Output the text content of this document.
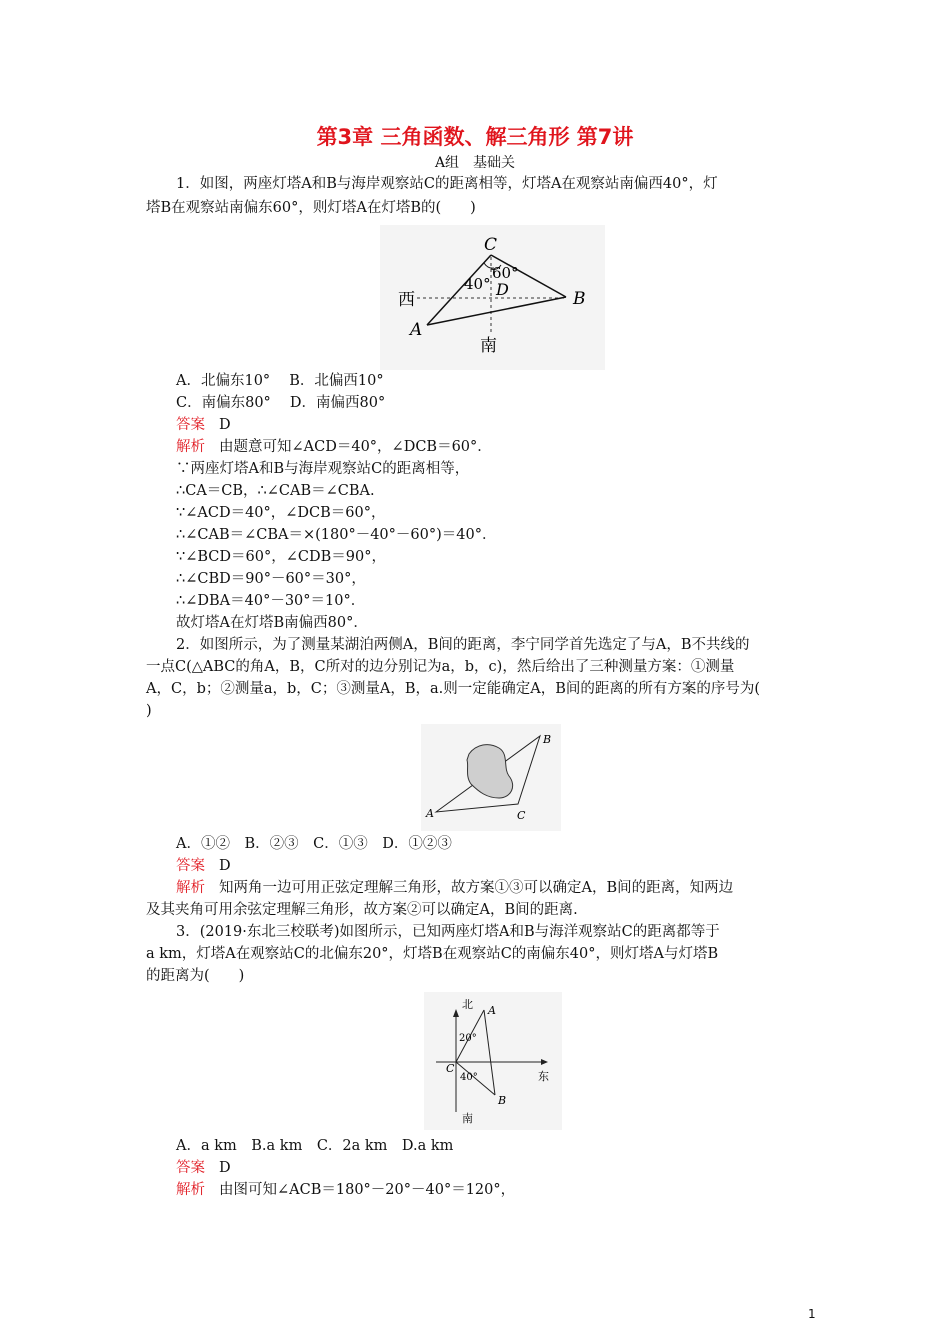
第3章 三角函数、解三角形 第7讲
A组　基础关
1．如图，两座灯塔A和B与海岸观察站C的距离相等，灯塔A在观察站南偏西40°，灯
塔B在观察站南偏东60°，则灯塔A在灯塔B的(　　)
C
B
A
D
60°
40°
西
南
A．北偏东10°　 B．北偏西10°
C．南偏东80°　 D．南偏西80°
答案 D
解析 由题意可知∠ACD＝40°，∠DCB＝60°．
∵两座灯塔A和B与海岸观察站C的距离相等，
∴CA＝CB，∴∠CAB＝∠CBA.
∵∠ACD＝40°，∠DCB＝60°，
∴∠CAB＝∠CBA＝×(180°－40°－60°)＝40°．
∵∠BCD＝60°，∠CDB＝90°，
∴∠CBD＝90°－60°＝30°，
∴∠DBA＝40°－30°＝10°．
故灯塔A在灯塔B南偏西80°．
2．如图所示，为了测量某湖泊两侧A，B间的距离，李宁同学首先选定了与A，B不共线的
一点C(△ABC的角A，B，C所对的边分别记为a，b，c)，然后给出了三种测量方案：①测量
A，C，b；②测量a，b，C；③测量A，B，a.则一定能确定A，B间的距离的所有方案的序号为(
)
A
B
C
A．①②　B．②③　C．①③　D．①②③
答案 D
解析 知两角一边可用正弦定理解三角形，故方案①③可以确定A，B间的距离，知两边
及其夹角可用余弦定理解三角形，故方案②可以确定A，B间的距离.
3．(2019·东北三校联考)如图所示，已知两座灯塔A和B与海洋观察站C的距离都等于
a km，灯塔A在观察站C的北偏东20°，灯塔B在观察站C的南偏东40°，则灯塔A与灯塔B
的距离为(　　)
北
东
南
A
B
C
20°
40°
A．a km　B.a km　C．2a km　D.a km
答案 D
解析 由图可知∠ACB＝180°－20°－40°＝120°，
1
